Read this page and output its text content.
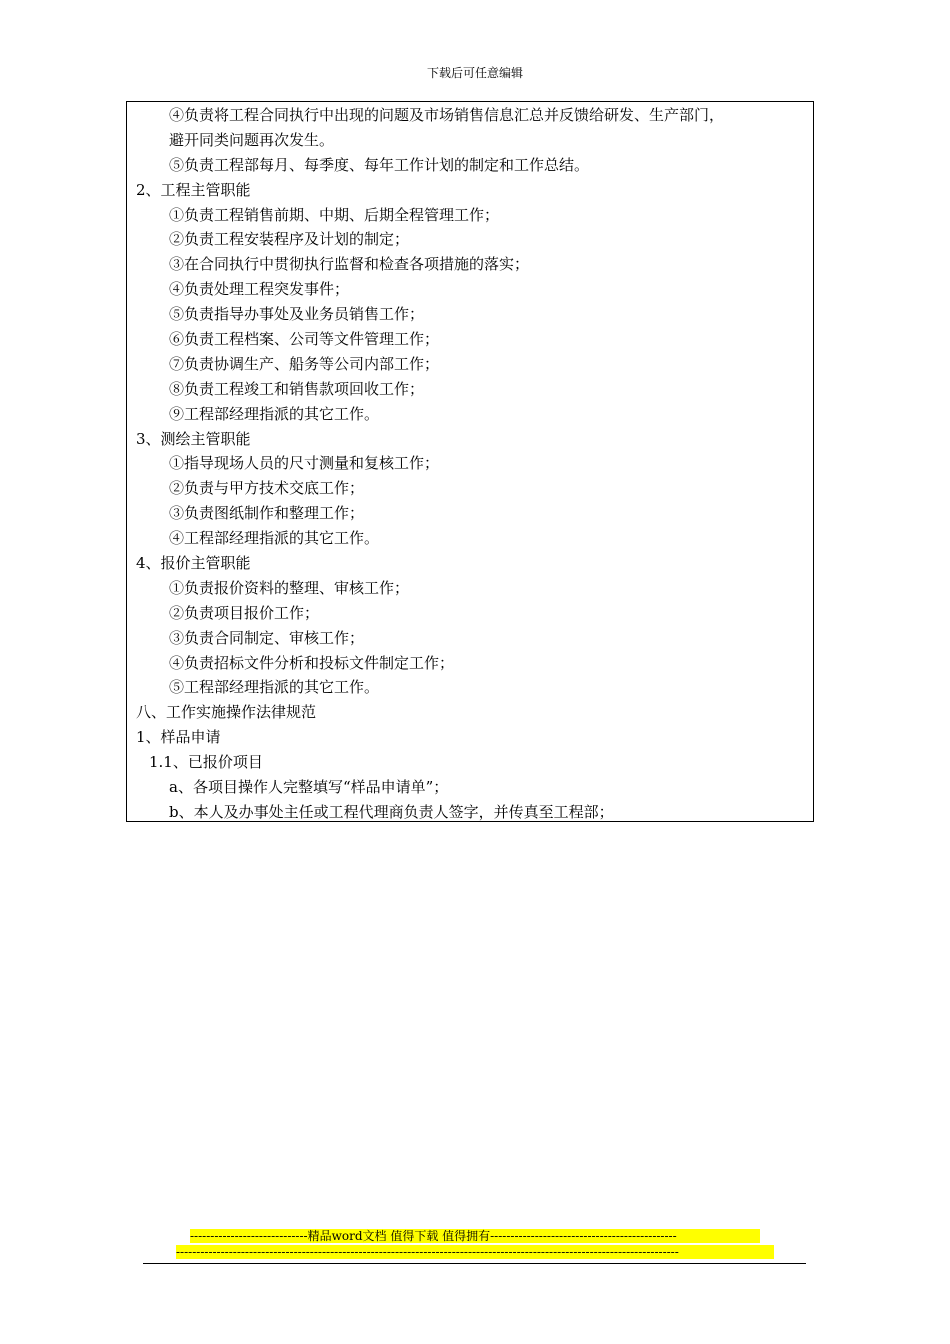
下载后可任意编辑
④负责将工程合同执行中出现的问题及市场销售信息汇总并反馈给研发、生产部门，
避开同类问题再次发生。
⑤负责工程部每月、每季度、每年工作计划的制定和工作总结。
2、工程主管职能
①负责工程销售前期、中期、后期全程管理工作；
②负责工程安装程序及计划的制定；
③在合同执行中贯彻执行监督和检查各项措施的落实；
④负责处理工程突发事件；
⑤负责指导办事处及业务员销售工作；
⑥负责工程档案、公司等文件管理工作；
⑦负责协调生产、船务等公司内部工作；
⑧负责工程竣工和销售款项回收工作；
⑨工程部经理指派的其它工作。
3、测绘主管职能
①指导现场人员的尺寸测量和复核工作；
②负责与甲方技术交底工作；
③负责图纸制作和整理工作；
④工程部经理指派的其它工作。
4、报价主管职能
①负责报价资料的整理、审核工作；
②负责项目报价工作；
③负责合同制定、审核工作；
④负责招标文件分析和投标文件制定工作；
⑤工程部经理指派的其它工作。
八、工作实施操作法律规范
1、样品申请
1.1、已报价项目
a、各项目操作人完整填写“样品申请单”；
b、本人及办事处主任或工程代理商负责人签字，并传真至工程部；
-----------------------------精品word文档 值得下载 值得拥有----------------------------------------------
----------------------------------------------------------------------------------------------------------------------------
